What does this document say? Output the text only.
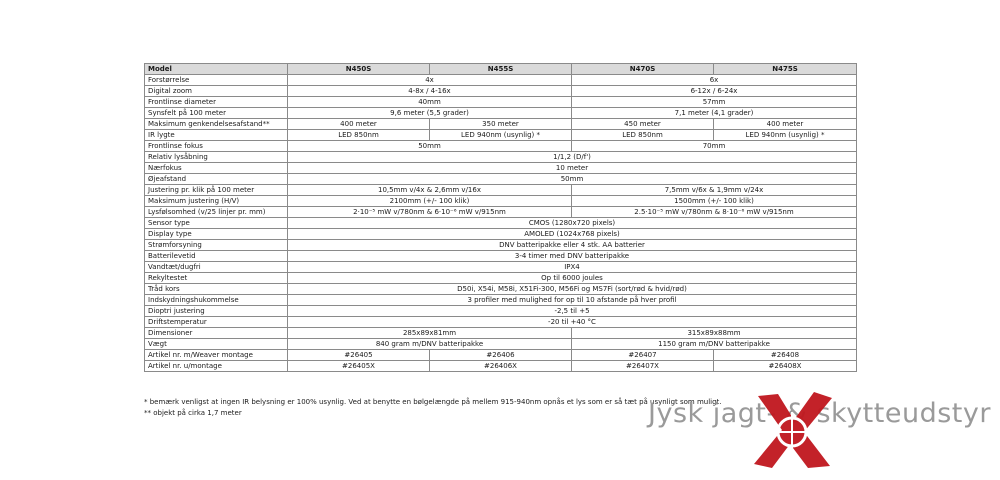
Model	N450S	N455S	N470S	N475S
Forstørrelse	4x		6x	
Digital zoom	4-8x / 4-16x		6-12x / 6-24x	
Frontlinse diameter	40mm		57mm	
Synsfelt på 100 meter	9,6 meter (5,5 grader)		7,1 meter (4,1 grader)	
Maksimum genkendelsesafstand**	400 meter	350 meter	450 meter	400 meter
IR lygte	LED 850nm	LED 940nm (usynlig) *	LED 850nm	LED 940nm (usynlig) *
Frontlinse fokus	50mm		70mm	
Relativ lysåbning	1/1,2 (D/f')			
Nærfokus	10 meter			
Øjeafstand	50mm			
Justering pr. klik på 100 meter	10,5mm v/4x & 2,6mm v/16x		7,5mm v/6x & 1,9mm v/24x	
Maksimum justering (H/V)	2100mm (+/- 100 klik)		1500mm (+/- 100 klik)	
Lysfølsomhed (v/25 linjer pr. mm)	2·10⁻⁵ mW v/780nm & 6·10⁻⁶ mW v/915nm		2.5·10⁻⁵ mW v/780nm & 8·10⁻⁶ mW v/915nm	
Sensor type	CMOS (1280x720 pixels)			
Display type	AMOLED (1024x768 pixels)			
Strømforsyning	DNV batteripakke eller 4 stk. AA batterier			
Batterilevetid	3-4 timer med DNV batteripakke			
Vandtæt/dugfri	IPX4			
Rekyltestet	Op til 6000 joules			
Tråd kors	D50i, X54i, M58i, X51Fi-300, M56Fi og MS7Fi (sort/rød & hvid/rød)			
Indskydningshukommelse	3 profiler med mulighed for op til 10 afstande på hver profil			
Dioptri justering	-2,5 til +5			
Driftstemperatur	-20 til +40 °C			
Dimensioner	285x89x81mm		315x89x88mm	
Vægt	840 gram m/DNV batteripakke		1150 gram m/DNV batteripakke	
Artikel nr. m/Weaver montage	#26405	#26406	#26407	#26408
Artikel nr. u/montage	#26405X	#26406X	#26407X	#26408X
* bemærk venligst at ingen IR belysning er 100% usynlig. Ved at benytte en bølgelængde på mellem 915-940nm opnås et lys som er så tæt på usynligt som muligt.
** objekt på cirka 1,7 meter	Jysk jagt- & skytteudstyr
